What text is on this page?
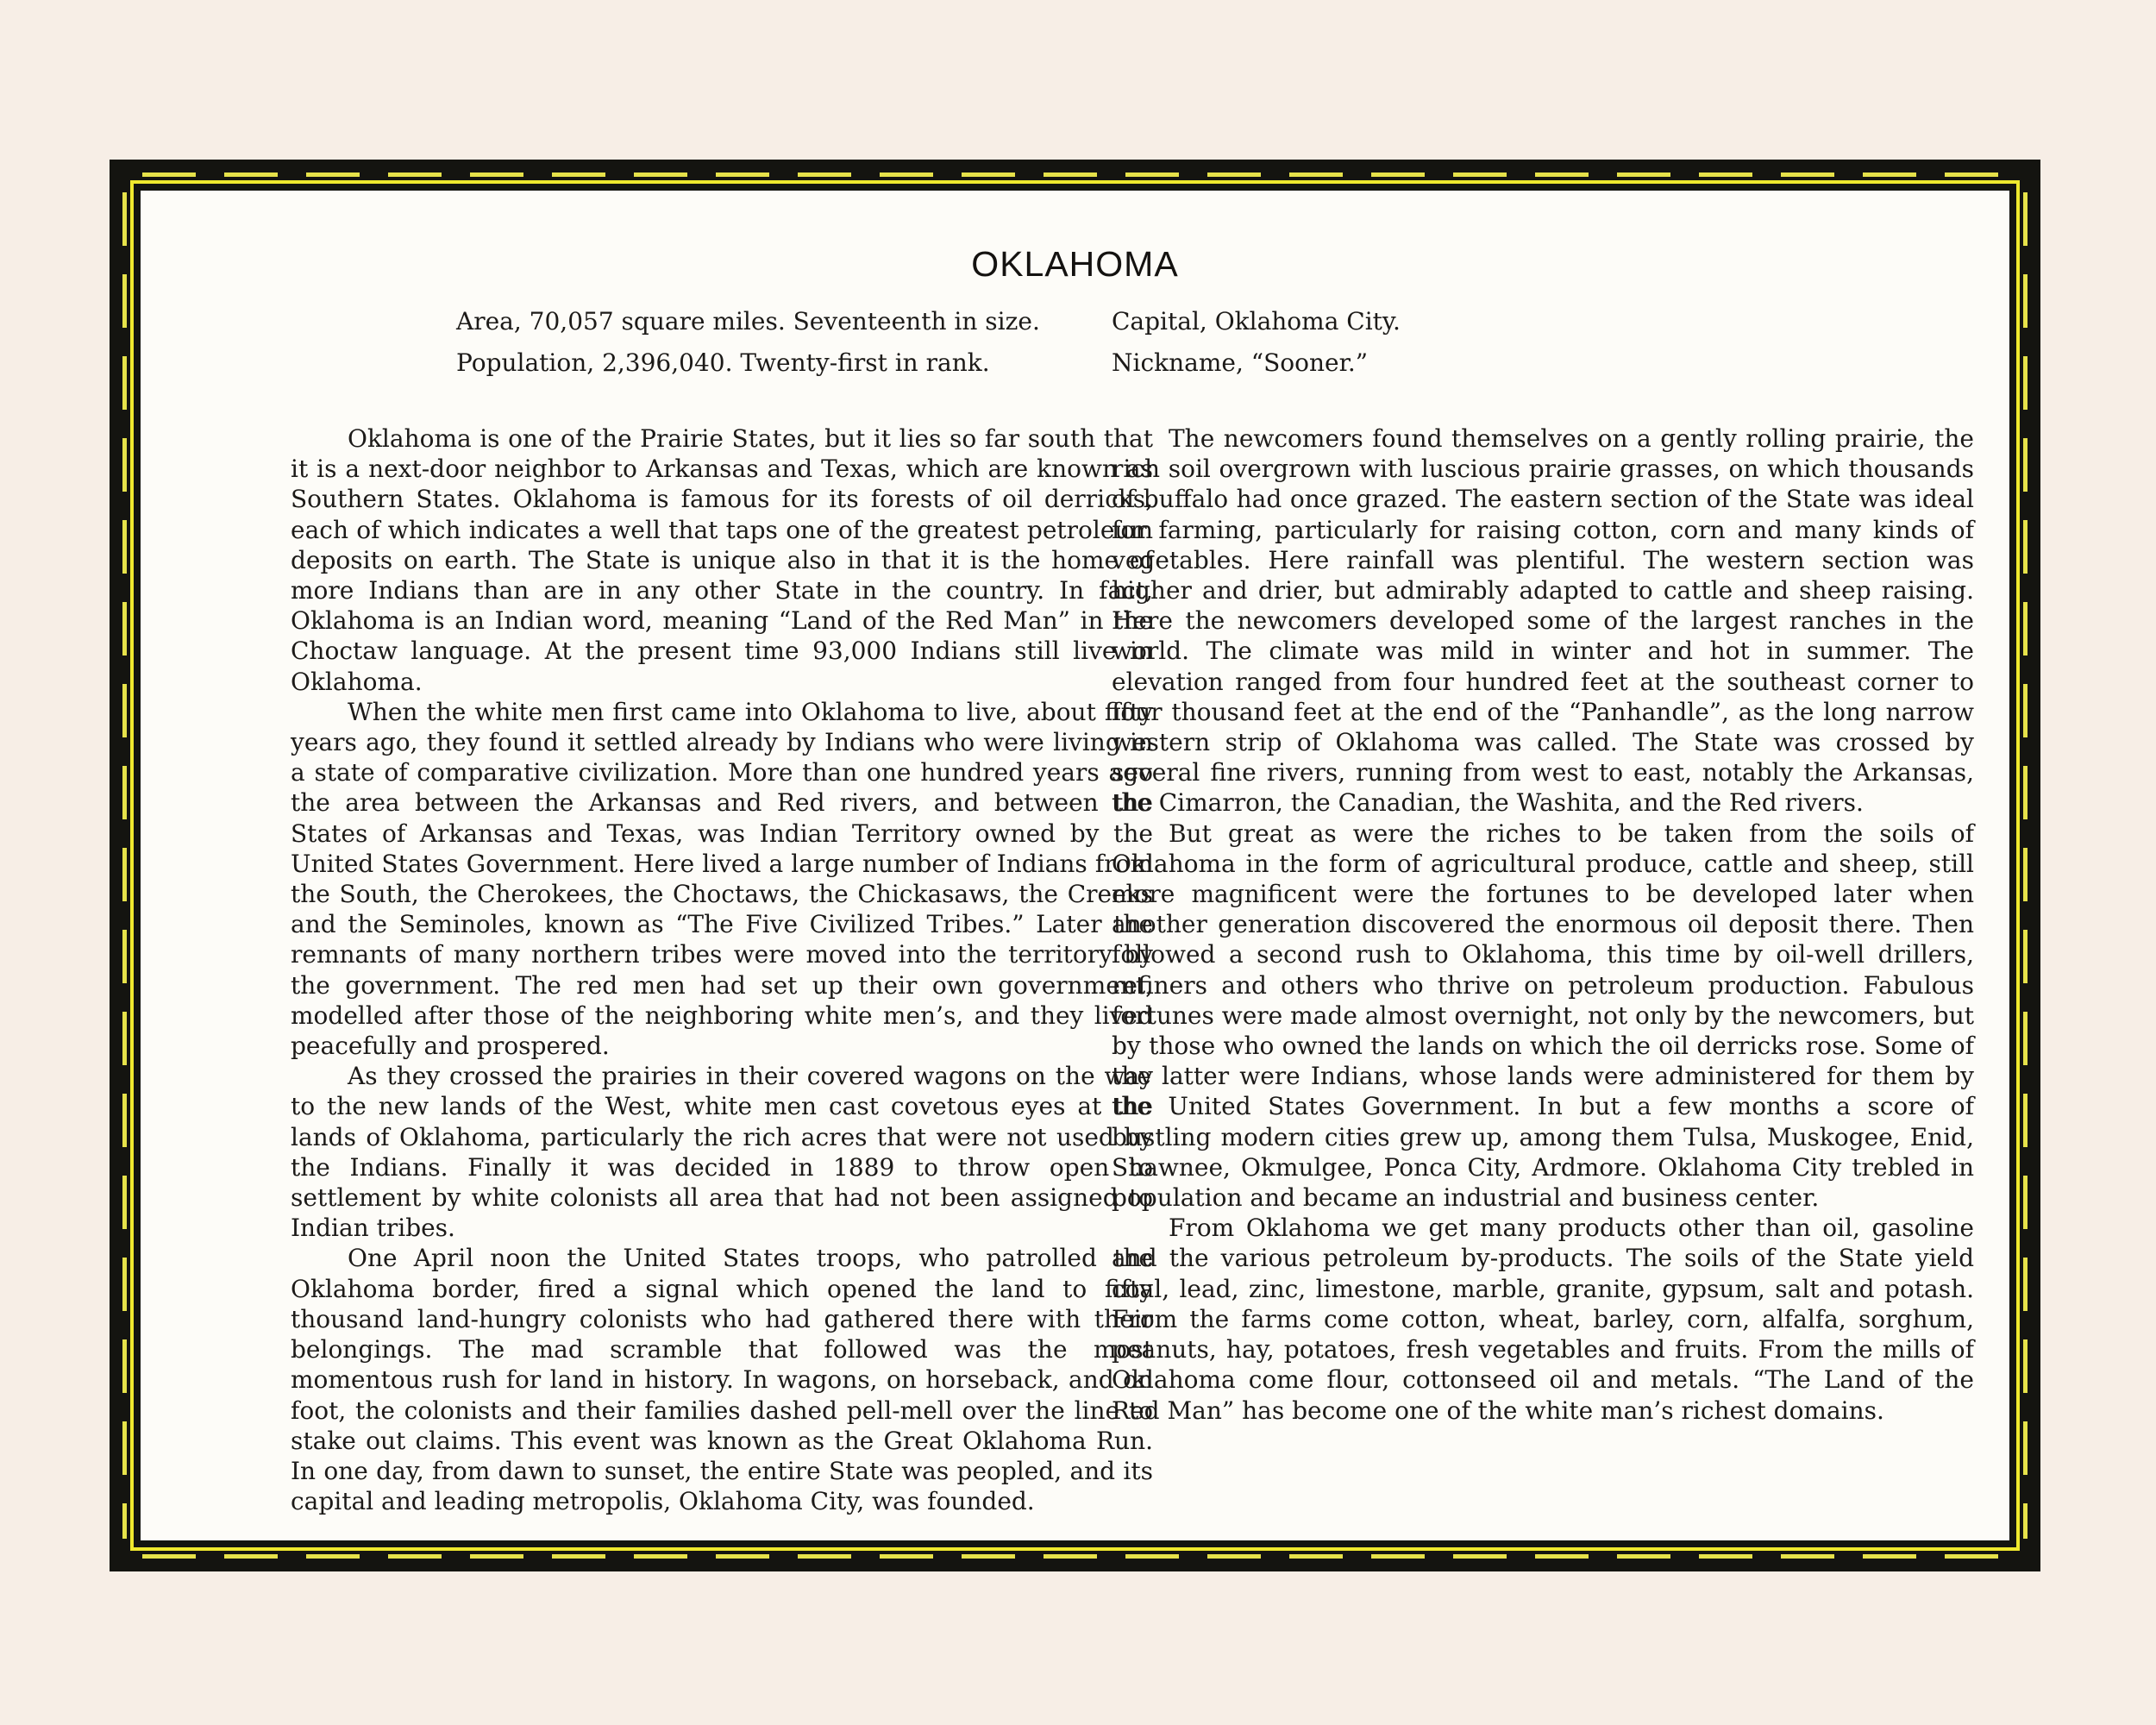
OKLAHOMA
Area, 70,057 square miles. Seventeenth in size.
Population, 2,396,040. Twenty-first in rank.
Capital, Oklahoma City.
Nickname, “Sooner.”

Oklahoma is one of the Prairie States, but it lies so far south that it is a next-door neighbor to Arkansas and Texas, which are known as Southern States. Oklahoma is famous for its forests of oil derricks, each of which indicates a well that taps one of the greatest petroleum deposits on earth. The State is unique also in that it is the home of more Indians than are in any other State in the country. In fact, Oklahoma is an Indian word, meaning “Land of the Red Man” in the Choctaw language. At the present time 93,000 Indians still live in Oklahoma.

When the white men first came into Oklahoma to live, about fifty years ago, they found it settled already by Indians who were living in a state of comparative civilization. More than one hundred years ago the area between the Arkansas and Red rivers, and between the States of Arkansas and Texas, was Indian Territory owned by the United States Government. Here lived a large number of Indians from the South, the Cherokees, the Choctaws, the Chickasaws, the Creeks and the Seminoles, known as “The Five Civilized Tribes.” Later the remnants of many northern tribes were moved into the territory by the government. The red men had set up their own government, modelled after those of the neighboring white men’s, and they lived peacefully and prospered.

As they crossed the prairies in their covered wagons on the way to the new lands of the West, white men cast covetous eyes at the lands of Oklahoma, particularly the rich acres that were not used by the Indians. Finally it was decided in 1889 to throw open to settlement by white colonists all area that had not been assigned to Indian tribes.

One April noon the United States troops, who patrolled the Oklahoma border, fired a signal which opened the land to fifty thousand land-hungry colonists who had gathered there with their belongings. The mad scramble that followed was the most momentous rush for land in history. In wagons, on horseback, and on foot, the colonists and their families dashed pell-mell over the line to stake out claims. This event was known as the Great Oklahoma Run. In one day, from dawn to sunset, the entire State was peopled, and its capital and leading metropolis, Oklahoma City, was founded.

The newcomers found themselves on a gently rolling prairie, the rich soil overgrown with luscious prairie grasses, on which thousands of buffalo had once grazed. The eastern section of the State was ideal for farming, particularly for raising cotton, corn and many kinds of vegetables. Here rainfall was plentiful. The western section was higher and drier, but admirably adapted to cattle and sheep raising. Here the newcomers developed some of the largest ranches in the world. The climate was mild in winter and hot in summer. The elevation ranged from four hundred feet at the southeast corner to four thousand feet at the end of the “Panhandle”, as the long narrow western strip of Oklahoma was called. The State was crossed by several fine rivers, running from west to east, notably the Arkansas, the Cimarron, the Canadian, the Washita, and the Red rivers.

But great as were the riches to be taken from the soils of Oklahoma in the form of agricultural produce, cattle and sheep, still more magnificent were the fortunes to be developed later when another generation discovered the enormous oil deposit there. Then followed a second rush to Oklahoma, this time by oil-well drillers, refiners and others who thrive on petroleum production. Fabulous fortunes were made almost overnight, not only by the newcomers, but by those who owned the lands on which the oil derricks rose. Some of the latter were Indians, whose lands were administered for them by the United States Government. In but a few months a score of bustling modern cities grew up, among them Tulsa, Muskogee, Enid, Shawnee, Okmulgee, Ponca City, Ardmore. Oklahoma City trebled in population and became an industrial and business center.

From Oklahoma we get many products other than oil, gasoline and the various petroleum by-products. The soils of the State yield coal, lead, zinc, limestone, marble, granite, gypsum, salt and potash. From the farms come cotton, wheat, barley, corn, alfalfa, sorghum, peanuts, hay, potatoes, fresh vegetables and fruits. From the mills of Oklahoma come flour, cottonseed oil and metals. “The Land of the Red Man” has become one of the white man’s richest domains.
